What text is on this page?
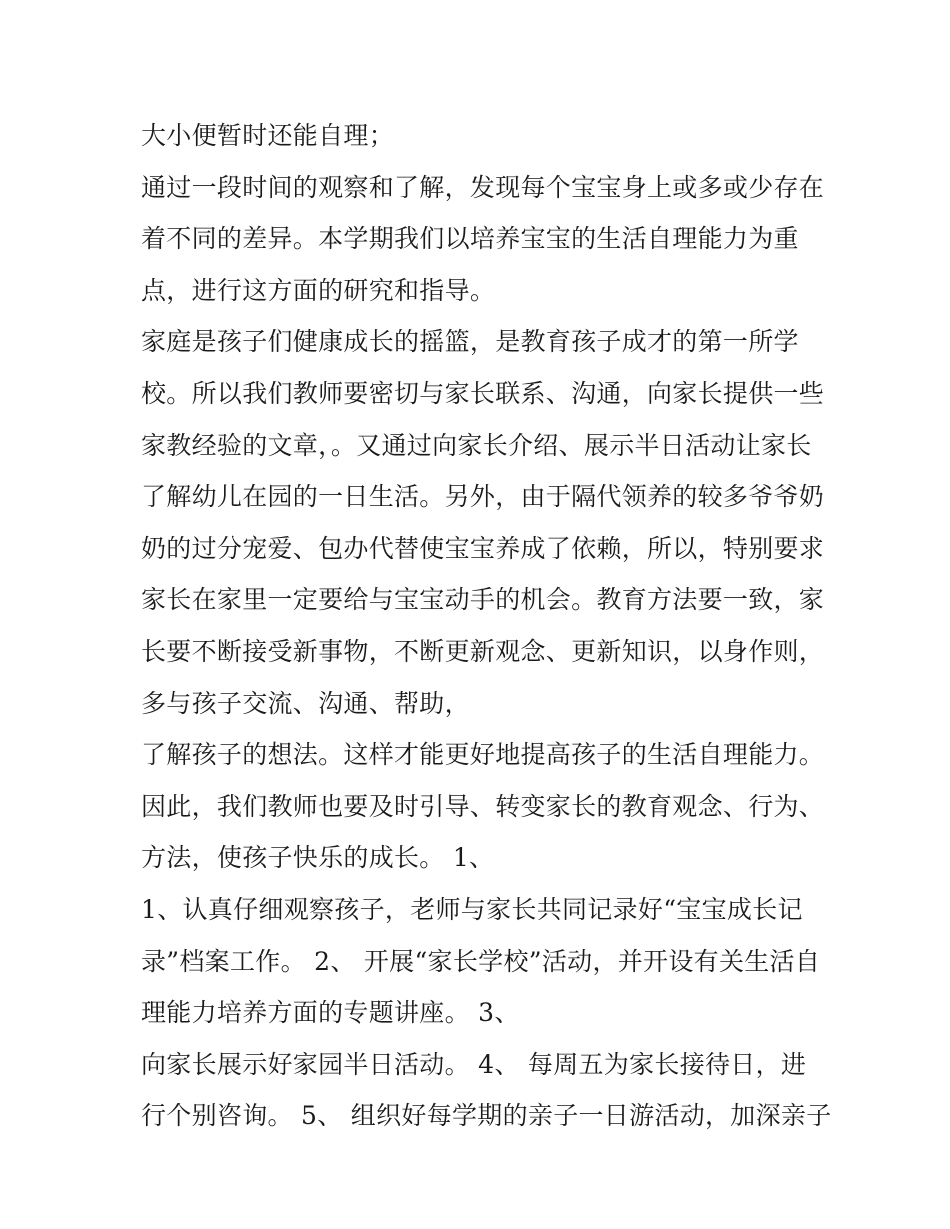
大小便暂时还能自理；
通过一段时间的观察和了解，发现每个宝宝身上或多或少存在
着不同的差异。本学期我们以培养宝宝的生活自理能力为重
点，进行这方面的研究和指导。
家庭是孩子们健康成长的摇篮，是教育孩子成才的第一所学
校。所以我们教师要密切与家长联系、沟通，向家长提供一些
家教经验的文章，。又通过向家长介绍、展示半日活动让家长
了解幼儿在园的一日生活。另外，由于隔代领养的较多爷爷奶
奶的过分宠爱、包办代替使宝宝养成了依赖，所以，特别要求
家长在家里一定要给与宝宝动手的机会。教育方法要一致，家
长要不断接受新事物，不断更新观念、更新知识，以身作则，
多与孩子交流、沟通、帮助，
了解孩子的想法。这样才能更好地提高孩子的生活自理能力。
因此，我们教师也要及时引导、转变家长的教育观念、行为、
方法，使孩子快乐的成长。 1、
1、认真仔细观察孩子，老师与家长共同记录好“宝宝成长记
录”档案工作。 2、 开展“家长学校”活动，并开设有关生活自
理能力培养方面的专题讲座。 3、
向家长展示好家园半日活动。 4、 每周五为家长接待日，进
行个别咨询。 5、 组织好每学期的亲子一日游活动，加深亲子
